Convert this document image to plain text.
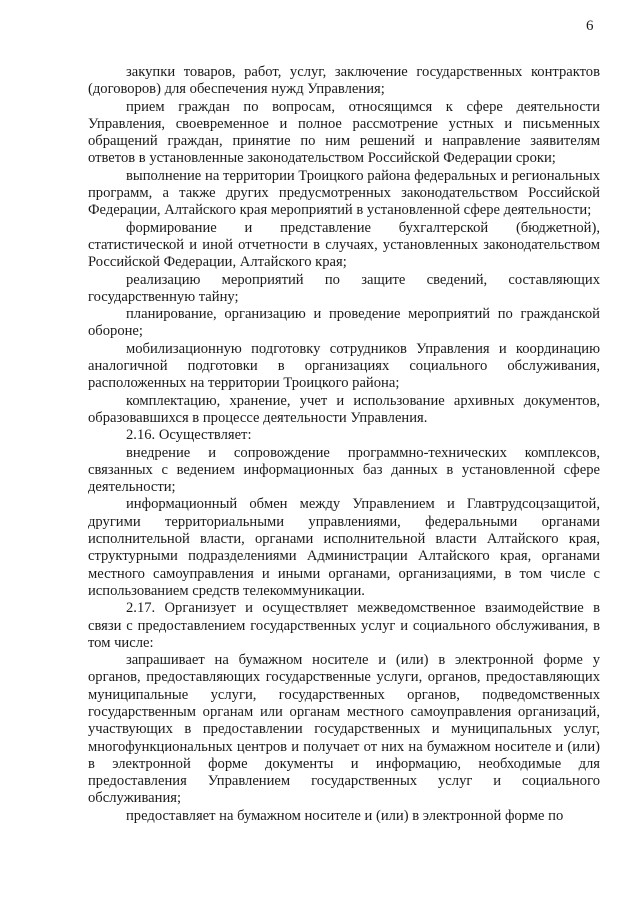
6

закупки товаров, работ, услуг, заключение государственных контрактов (договоров) для обеспечения нужд Управления;

прием граждан по вопросам, относящимся к сфере деятельности Управления, своевременное и полное рассмотрение устных и письменных обращений граждан, принятие по ним решений и направление заявителям ответов в установленные законодательством Российской Федерации сроки;

выполнение на территории Троицкого района федеральных и региональных программ, а также других предусмотренных законодательством Российской Федерации, Алтайского края мероприятий в установленной сфере деятельности;

формирование и представление бухгалтерской (бюджетной), статистической и иной отчетности в случаях, установленных законодательством Российской Федерации, Алтайского края;

реализацию мероприятий по защите сведений, составляющих государственную тайну;

планирование, организацию и проведение мероприятий по гражданской обороне;

мобилизационную подготовку сотрудников Управления и координацию аналогичной подготовки в организациях социального обслуживания, расположенных на территории Троицкого района;

комплектацию, хранение, учет и использование архивных документов, образовавшихся в процессе деятельности Управления.

2.16. Осуществляет:

внедрение и сопровождение программно-технических комплексов, связанных с ведением информационных баз данных в установленной сфере деятельности;

информационный обмен между Управлением и Главтрудсоцзащитой, другими территориальными управлениями, федеральными органами исполнительной власти, органами исполнительной власти Алтайского края, структурными подразделениями Администрации Алтайского края, органами местного самоуправления и иными органами, организациями, в том числе с использованием средств телекоммуникации.

2.17. Организует и осуществляет межведомственное взаимодействие в связи с предоставлением государственных услуг и социального обслуживания, в том числе:

запрашивает на бумажном носителе и (или) в электронной форме у органов, предоставляющих государственные услуги, органов, предоставляющих муниципальные услуги, государственных органов, подведомственных государственным органам или органам местного самоуправления организаций, участвующих в предоставлении государственных и муниципальных услуг, многофункциональных центров и получает от них на бумажном носителе и (или) в электронной форме документы и информацию, необходимые для предоставления Управлением государственных услуг и социального обслуживания;

предоставляет на бумажном носителе и (или) в электронной форме по
